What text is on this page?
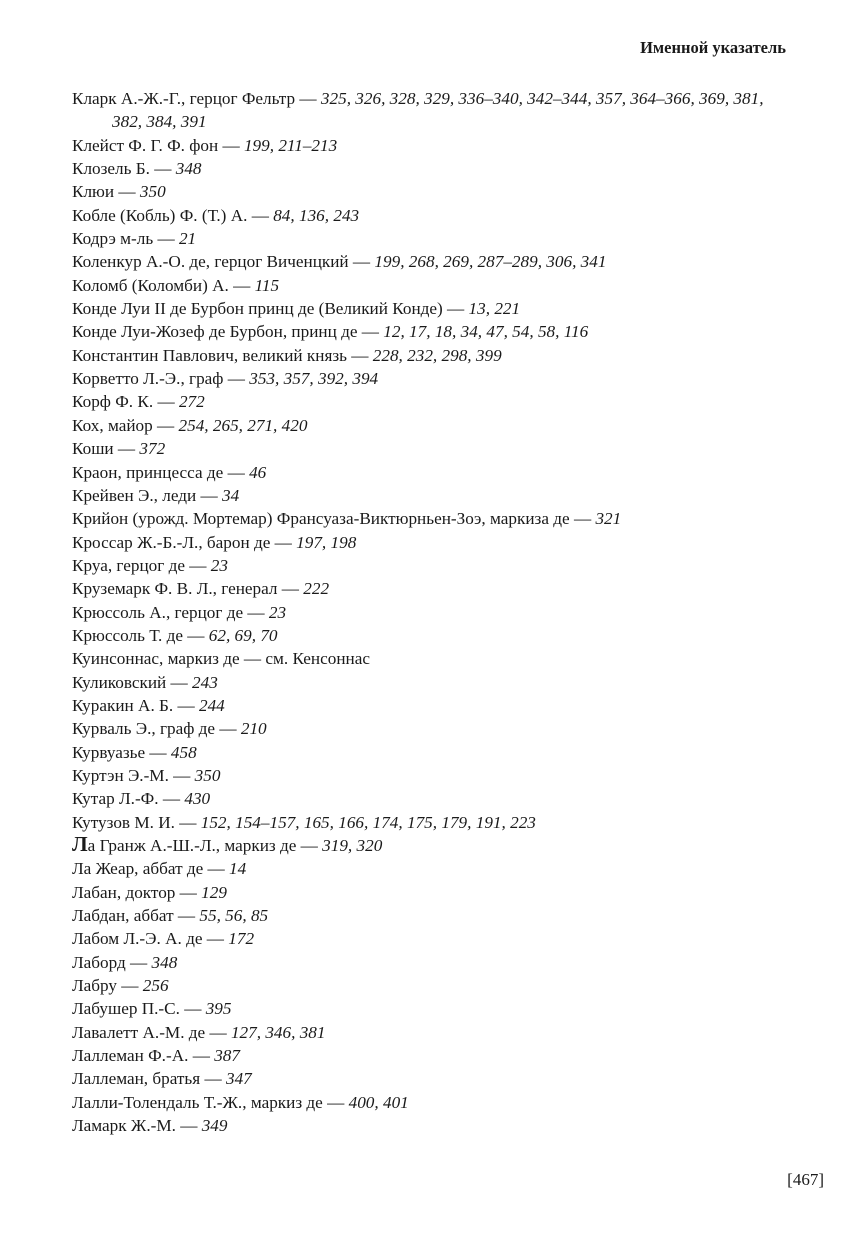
Именной указатель
Кларк А.-Ж.-Г., герцог Фельтр — 325, 326, 328, 329, 336–340, 342–344, 357, 364–366, 369, 381, 382, 384, 391
Клейст Ф. Г. Ф. фон — 199, 211–213
Клозель Б. — 348
Клюи — 350
Кобле (Кобль) Ф. (Т.) А. — 84, 136, 243
Кодрэ м-ль — 21
Коленкур А.-О. де, герцог Виченцкий — 199, 268, 269, 287–289, 306, 341
Коломб (Коломби) А. — 115
Конде Луи II де Бурбон принц де (Великий Конде) — 13, 221
Конде Луи-Жозеф де Бурбон, принц де — 12, 17, 18, 34, 47, 54, 58, 116
Константин Павлович, великий князь — 228, 232, 298, 399
Корветто Л.-Э., граф — 353, 357, 392, 394
Корф Ф. К. — 272
Кох, майор — 254, 265, 271, 420
Коши — 372
Краон, принцесса де — 46
Крейвен Э., леди — 34
Крийон (урожд. Мортемар) Франсуаза-Виктюрньен-Зоэ, маркиза де — 321
Кроссар Ж.-Б.-Л., барон де — 197, 198
Круа, герцог де — 23
Круземарк Ф. В. Л., генерал — 222
Крюссоль А., герцог де — 23
Крюссоль Т. де — 62, 69, 70
Куинсоннас, маркиз де — см. Кенсоннас
Куликовский — 243
Куракин А. Б. — 244
Курваль Э., граф де — 210
Курвуазье — 458
Куртэн Э.-М. — 350
Кутар Л.-Ф. — 430
Кутузов М. И. — 152, 154–157, 165, 166, 174, 175, 179, 191, 223
Ла Гранж А.-Ш.-Л., маркиз де — 319, 320
Ла Жеар, аббат де — 14
Лабан, доктор — 129
Лабдан, аббат — 55, 56, 85
Лабом Л.-Э. А. де — 172
Лаборд — 348
Лабру — 256
Лабушер П.-С. — 395
Лавалетт А.-М. де — 127, 346, 381
Лаллеман Ф.-А. — 387
Лаллеман, братья — 347
Лалли-Толендаль Т.-Ж., маркиз де — 400, 401
Ламарк Ж.-М. — 349
[467]
